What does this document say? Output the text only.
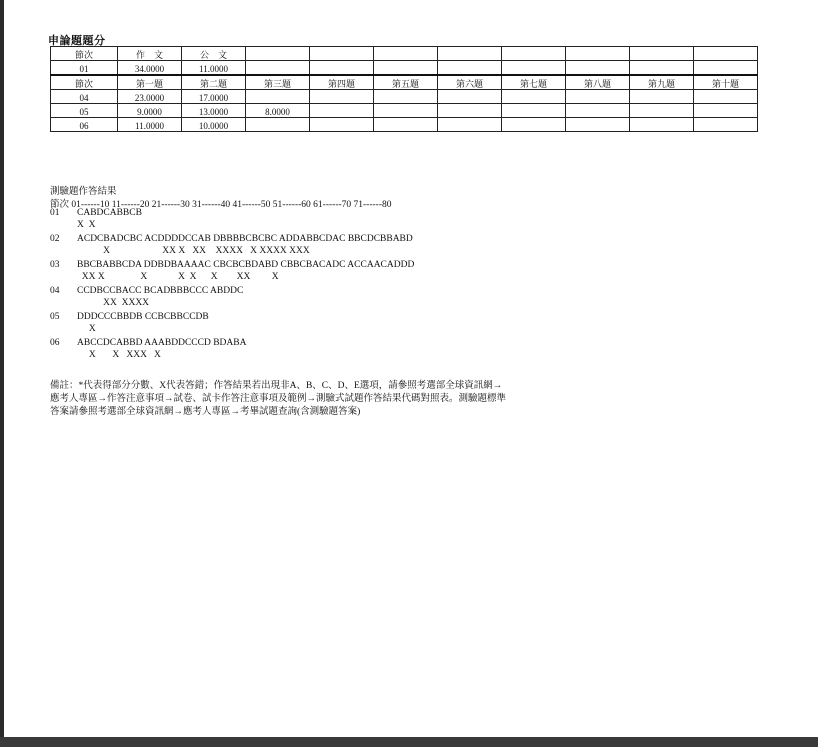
申論題題分
節次	作　文	公　文								
01	34.0000	11.0000								
節次	第一題	第二題	第三題	第四題	第五題	第六題	第七題	第八題	第九題	第十題
04	23.0000	17.0000								
05	9.0000	13.0000	8.0000							
06	11.0000	10.0000								
測驗題作答結果
節次 01------10 11------20 21------30 31------40 41------50 51------60 61------70 71------80
01 CABDCABBCB
X  X
02 ACDCBADCBC ACDDDDCCAB DBBBBCBCBC ADDABBCDAC BBCDCBBABD
X                      XX X   XX    XXXX   X XXXX XXX
03 BBCBABBCDA DDBDBAAAAC CBCBCBDABD CBBCBACADC ACCAACADDD
XX X               X             X  X      X        XX         X
04 CCDBCCBACC BCADBBBCCC ABDDC
XX  XXXX
05 DDDCCCBBDB CCBCBBCCDB
X
06 ABCCDCABBD AAABDDCCCD BDABA
X       X   XXX   X
備註：*代表得部分分數、X代表答錯；作答結果若出現非A、B、C、D、E選項，請參照考選部全球資訊網→
應考人專區→作答注意事項→試卷、試卡作答注意事項及範例→測驗式試題作答結果代碼對照表。測驗題標準
答案請參照考選部全球資訊網→應考人專區→考畢試題查詢(含測驗題答案)
